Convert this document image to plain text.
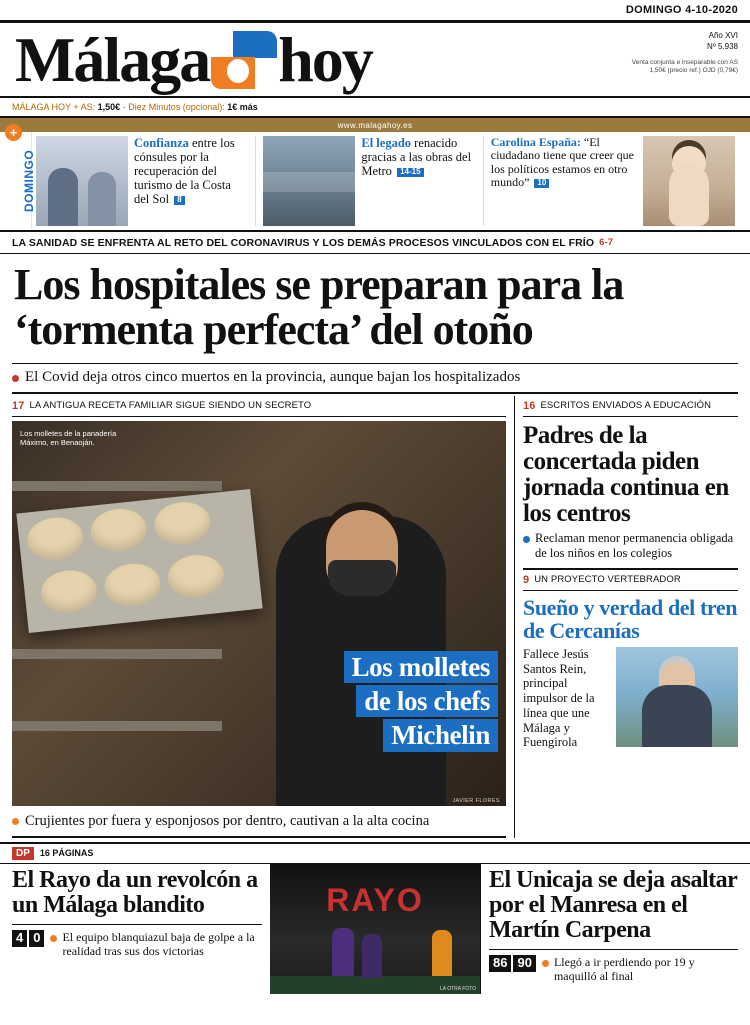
DOMINGO 4-10-2020
Málaga hoy	Año XVI
Nº 5.938
Venta conjunta e inseparable con AS 1,50€ (precio ref.) OJD (0,79€)
MÁLAGA HOY + AS:
1,50€
·
Diez Minutos (opcional):
1€ más
www.malagahoy.es
+
DOMINGO
Confianza entre los cónsules por la recuperación del turismo de la Costa del Sol 8
El legado renacido gracias a las obras del Metro 14-15
Carolina España: “El ciudadano tiene que creer que los políticos estamos en otro mundo” 10
LA SANIDAD SE ENFRENTA AL RETO DEL CORONAVIRUS Y LOS DEMÁS PROCESOS VINCULADOS CON EL FRÍO 6-7
Los hospitales se preparan para la ‘tormenta perfecta’ del otoño
El Covid deja otros cinco muertos en la provincia, aunque bajan los hospitalizados
17 LA ANTIGUA RECETA FAMILIAR SIGUE SIENDO UN SECRETO
Los molletes de la panadería Máximo, en Benaoján.
Los molletes
de los chefs
Michelin
JAVIER FLORES
Crujientes por fuera y esponjosos por dentro, cautivan a la alta cocina
16 ESCRITOS ENVIADOS A EDUCACIÓN
Padres de la concertada piden jornada continua en los centros
Reclaman menor permanencia obligada de los niños en los colegios
9 UN PROYECTO VERTEBRADOR
Sueño y verdad del tren de Cercanías
Fallece Jesús Santos Rein, principal impulsor de la línea que une Málaga y Fuengirola
DP	16 PÁGINAS
El Rayo da un revolcón a un Málaga blandito
4 0	El equipo blanquiazul baja de golpe a la realidad tras sus dos victorias
RAYO
LA OTRA FOTO
El Unicaja se deja asaltar por el Manresa en el Martín Carpena
86 90	Llegó a ir perdiendo por 19 y maquilló al final
